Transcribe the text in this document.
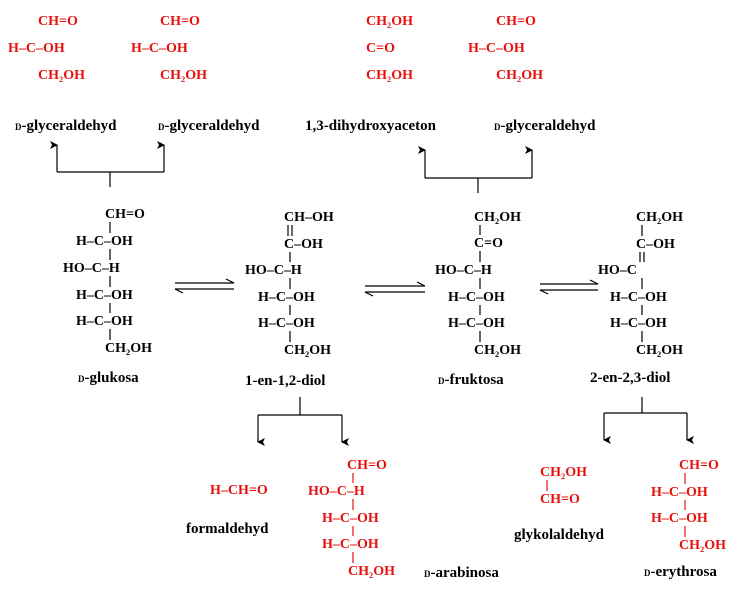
CH=O
H–C–OH
CH₂OH
CH=O
H–C–OH
CH₂OH
CH₂OH
C=O
CH₂OH
CH=O
H–C–OH
CH₂OH
D-glyceraldehyd	D-glyceraldehyd	1,3-dihydroxyaceton	D-glyceraldehyd
CH=O
H–C–OH
HO–C–H
H–C–OH
H–C–OH
CH₂OH
D-glukosa
CH–OH
C–OH
HO–C–H
H–C–OH
H–C–OH
CH₂OH
1-en-1,2-diol
CH₂OH
C=O
HO–C–H
H–C–OH
H–C–OH
CH₂OH
D-fruktosa
CH₂OH
C–OH
HO–C
H–C–OH
H–C–OH
CH₂OH
2-en-2,3-diol
H–CH=O
formaldehyd
CH=O
HO–C–H
H–C–OH
H–C–OH
CH₂OH	D-arabinosa
CH₂OH
CH=O
glykolaldehyd
CH=O
H–C–OH
H–C–OH
CH₂OH
D-erythrosa
